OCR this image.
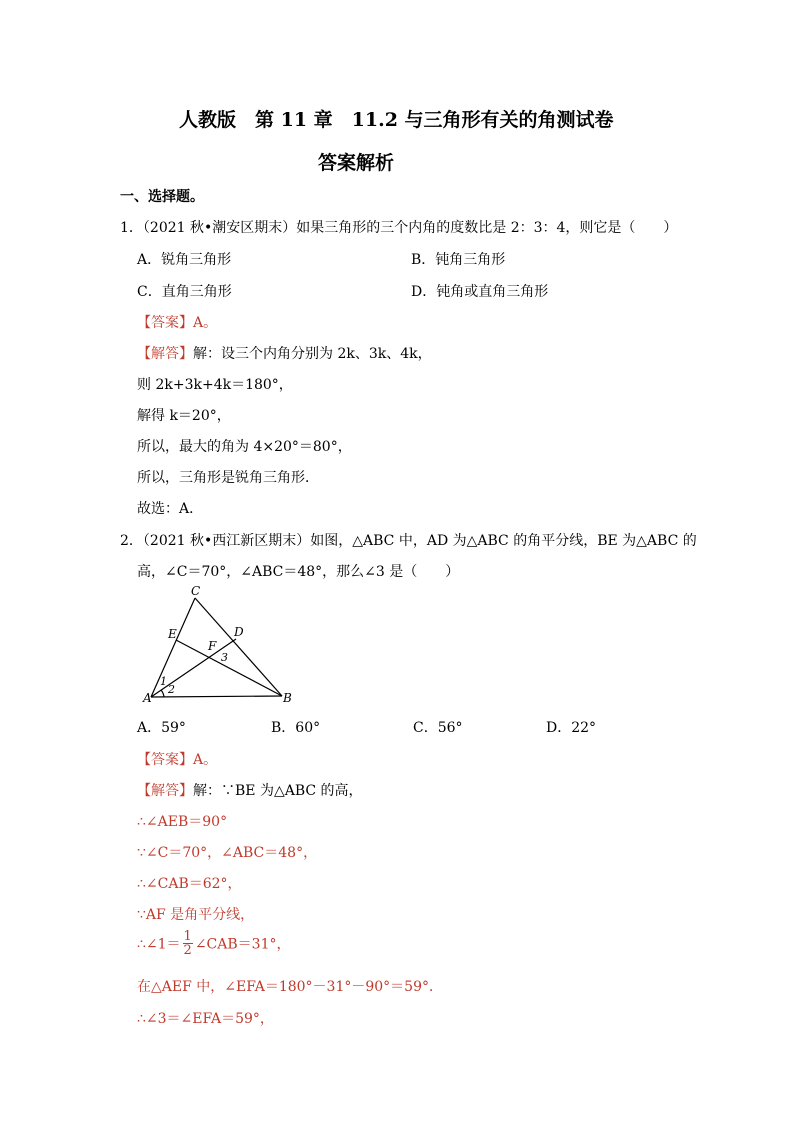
人教版　第 11 章　11.2 与三角形有关的角测试卷
答案解析
一、选择题。
1．（2021 秋•潮安区期末）如果三角形的三个内角的度数比是 2：3：4，则它是（　　）
A．锐角三角形	B．钝角三角形
C．直角三角形	D．钝角或直角三角形
【答案】A。
【解答】解：设三个内角分别为 2k、3k、4k，
则 2k+3k+4k＝180°，
解得 k＝20°，
所以，最大的角为 4×20°＝80°，
所以，三角形是锐角三角形．
故选：A．
2．（2021 秋•西江新区期末）如图，△ABC 中，AD 为△ABC 的角平分线，BE 为△ABC 的
高，∠C＝70°，∠ABC＝48°，那么∠3 是（　　）
C
E	D
F
3
1
2
A	B
A．59°	B．60°	C．56°	D．22°
【答案】A。
【解答】解：∵BE 为△ABC 的高，
∴∠AEB＝90°
∵∠C＝70°，∠ABC＝48°，
∴∠CAB＝62°，
∵AF 是角平分线，
∴∠1＝ $\frac{1}{2}$ ∠CAB＝31°，
在△AEF 中，∠EFA＝180°－31°－90°＝59°．
∴∠3＝∠EFA＝59°，
